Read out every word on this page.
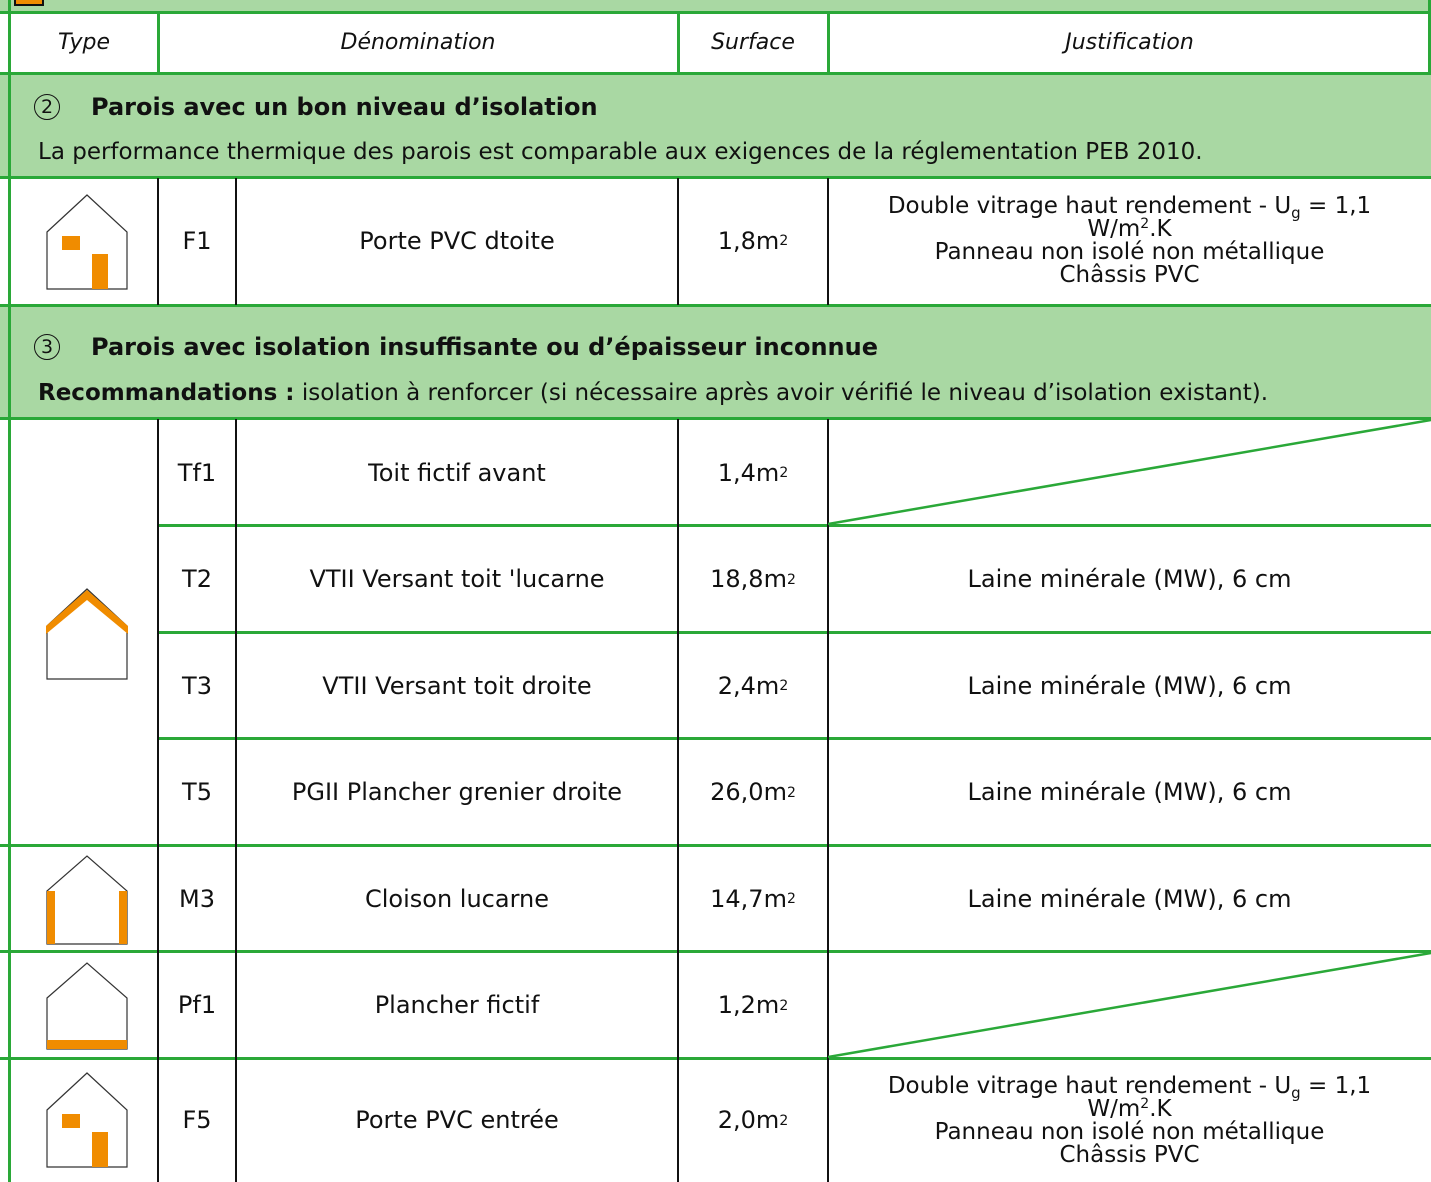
Type	Dénomination	Surface	Justification
2 Parois avec un bon niveau d’isolation
La performance thermique des parois est comparable aux exigences de la réglementation PEB 2010.
F1	Porte PVC dtoite	1,8 m 2
Double vitrage haut rendement - $U_g = 1,1$
$W/m^2.K$
Panneau non isolé non métallique
Châssis PVC
3 Parois avec isolation insuffisante ou d’épaisseur inconnue
Recommandations : isolation à renforcer (si nécessaire après avoir vérifié le niveau d’isolation existant).
Tf1	Toit fictif avant	1,4 m 2
T2	VTII Versant toit 'lucarne	18,8 m 2	Laine minérale (MW), 6 cm
T3	VTII Versant toit droite	2,4 m 2	Laine minérale (MW), 6 cm
T5	PGII Plancher grenier droite	26,0 m 2	Laine minérale (MW), 6 cm
M3	Cloison lucarne	14,7 m 2	Laine minérale (MW), 6 cm
Pf1	Plancher fictif	1,2 m 2
F5	Porte PVC entrée	2,0 m 2
Double vitrage haut rendement - $U_g = 1,1$
$W/m^2.K$
Panneau non isolé non métallique
Châssis PVC
